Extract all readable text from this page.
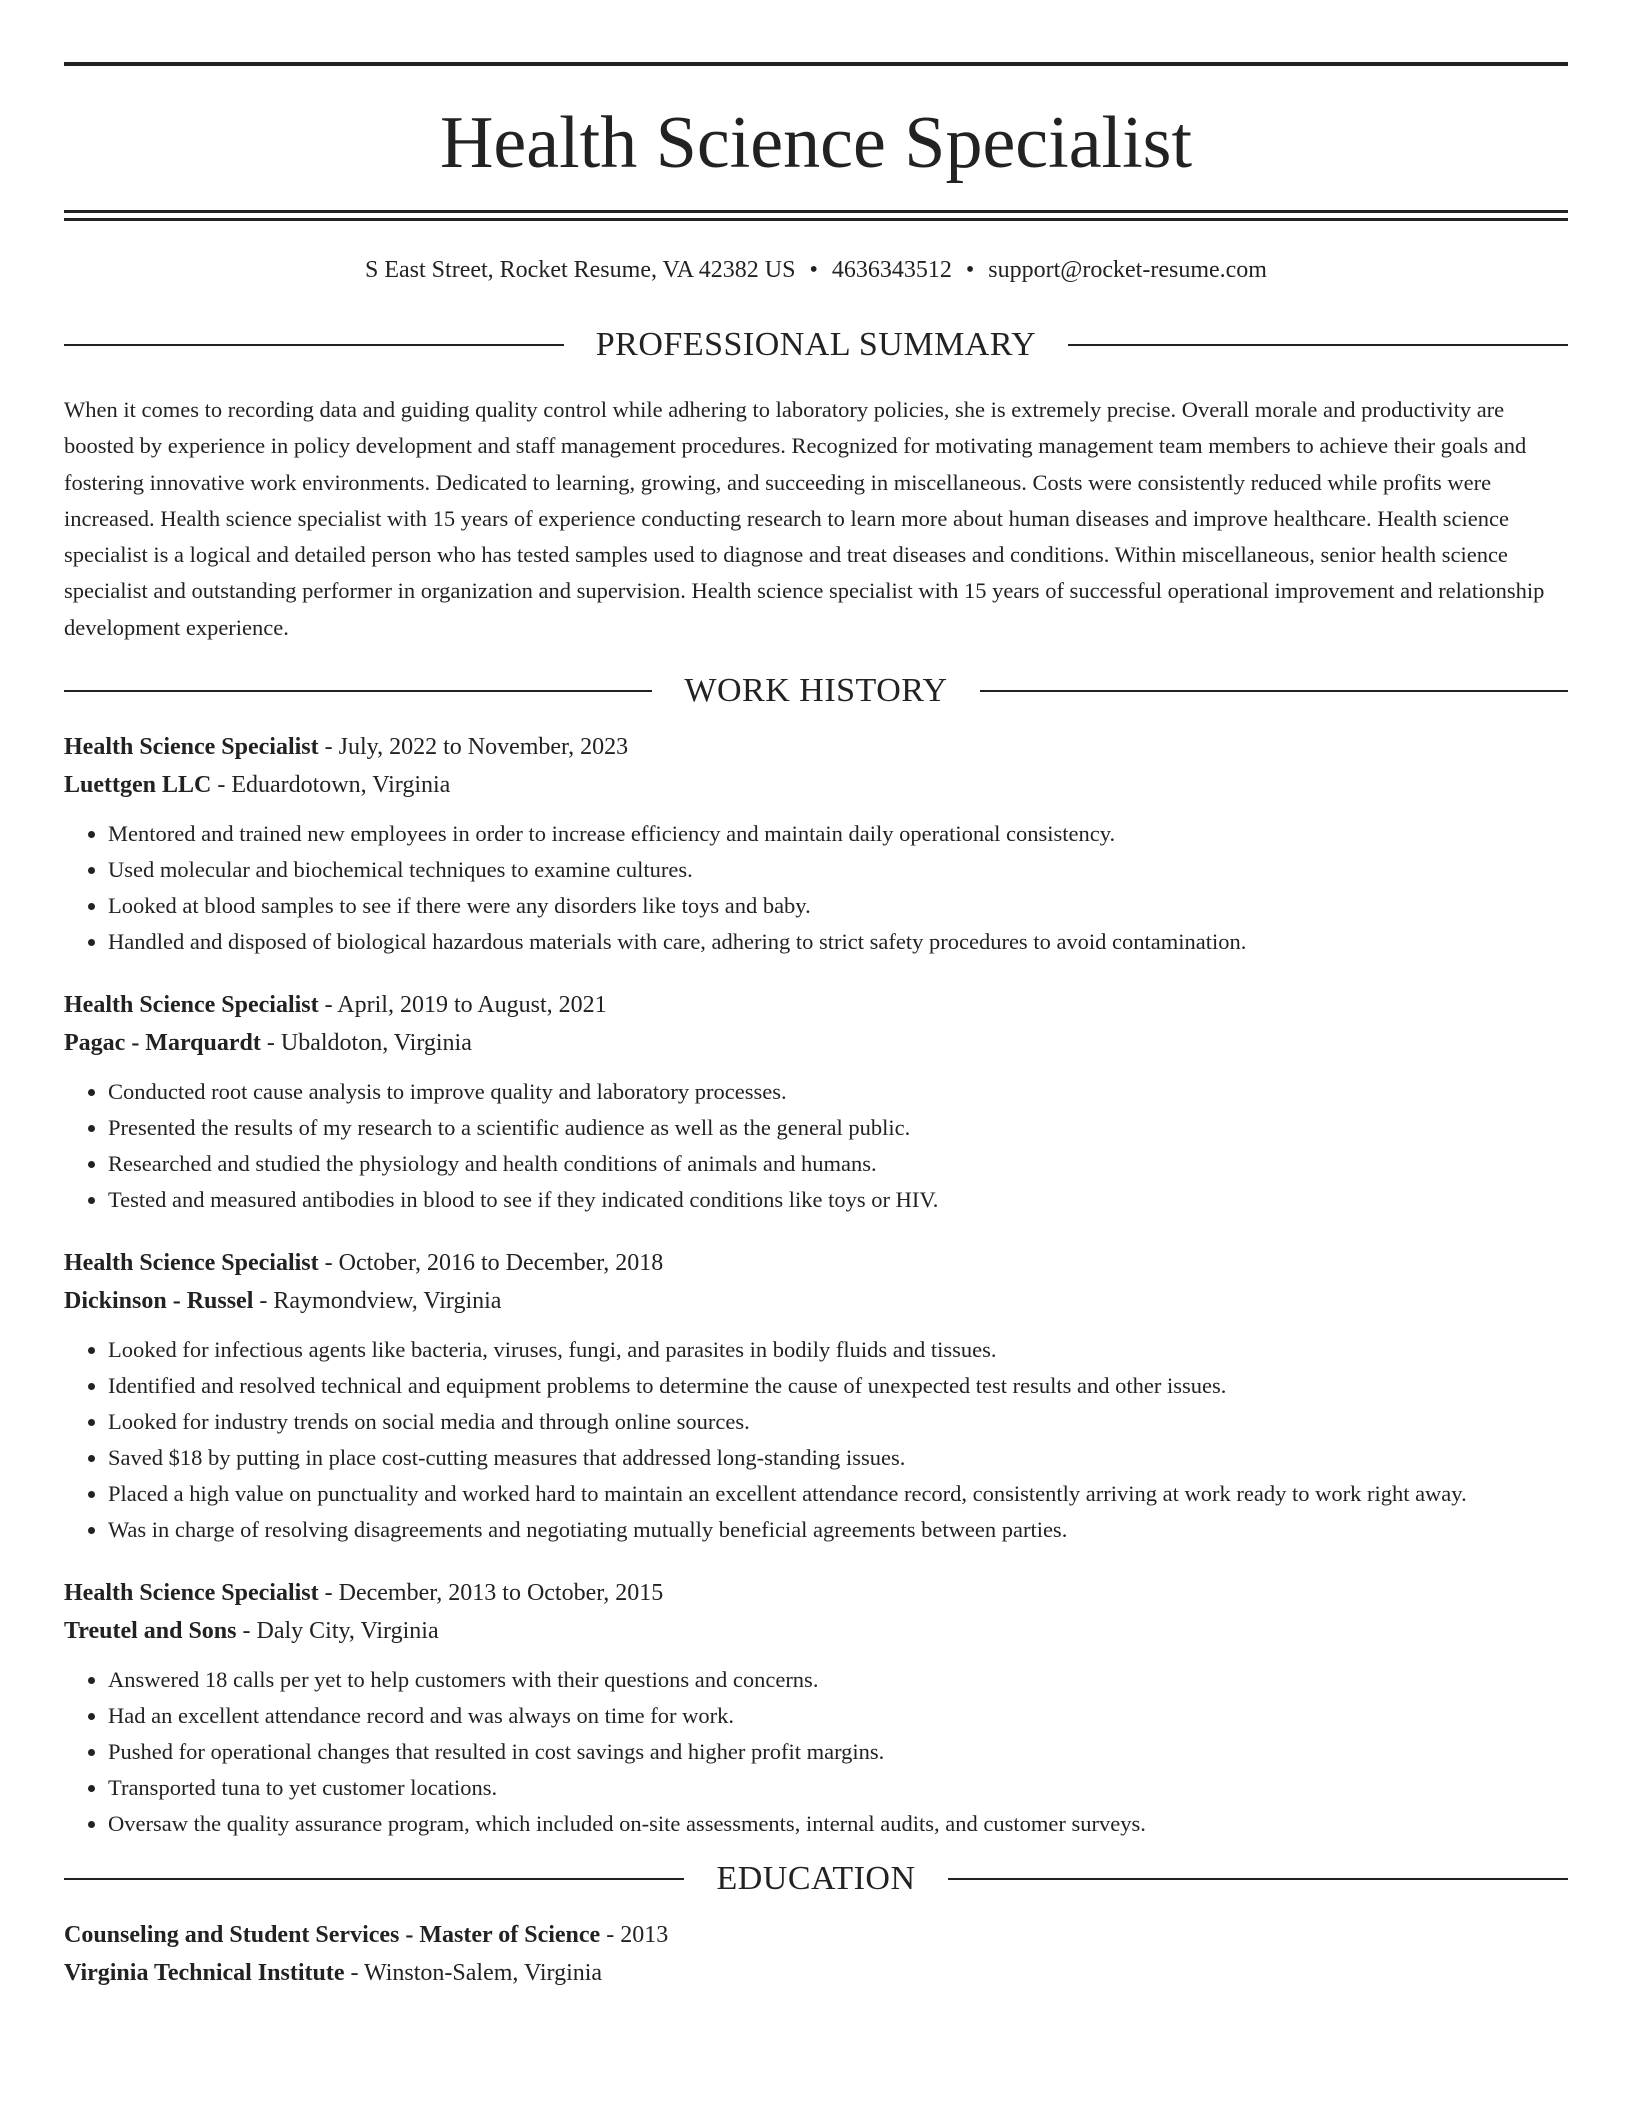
Health Science Specialist
S East Street, Rocket Resume, VA 42382 US • 4636343512 • support@rocket-resume.com
PROFESSIONAL SUMMARY
When it comes to recording data and guiding quality control while adhering to laboratory policies, she is extremely precise. Overall morale and productivity are boosted by experience in policy development and staff management procedures. Recognized for motivating management team members to achieve their goals and fostering innovative work environments. Dedicated to learning, growing, and succeeding in miscellaneous. Costs were consistently reduced while profits were increased. Health science specialist with 15 years of experience conducting research to learn more about human diseases and improve healthcare. Health science specialist is a logical and detailed person who has tested samples used to diagnose and treat diseases and conditions. Within miscellaneous, senior health science specialist and outstanding performer in organization and supervision. Health science specialist with 15 years of successful operational improvement and relationship development experience.
WORK HISTORY
Health Science Specialist - July, 2022 to November, 2023
Luettgen LLC - Eduardotown, Virginia
• Mentored and trained new employees in order to increase efficiency and maintain daily operational consistency.
• Used molecular and biochemical techniques to examine cultures.
• Looked at blood samples to see if there were any disorders like toys and baby.
• Handled and disposed of biological hazardous materials with care, adhering to strict safety procedures to avoid contamination.
Health Science Specialist - April, 2019 to August, 2021
Pagac - Marquardt - Ubaldoton, Virginia
• Conducted root cause analysis to improve quality and laboratory processes.
• Presented the results of my research to a scientific audience as well as the general public.
• Researched and studied the physiology and health conditions of animals and humans.
• Tested and measured antibodies in blood to see if they indicated conditions like toys or HIV.
Health Science Specialist - October, 2016 to December, 2018
Dickinson - Russel - Raymondview, Virginia
• Looked for infectious agents like bacteria, viruses, fungi, and parasites in bodily fluids and tissues.
• Identified and resolved technical and equipment problems to determine the cause of unexpected test results and other issues.
• Looked for industry trends on social media and through online sources.
• Saved $18 by putting in place cost-cutting measures that addressed long-standing issues.
• Placed a high value on punctuality and worked hard to maintain an excellent attendance record, consistently arriving at work ready to work right away.
• Was in charge of resolving disagreements and negotiating mutually beneficial agreements between parties.
Health Science Specialist - December, 2013 to October, 2015
Treutel and Sons - Daly City, Virginia
• Answered 18 calls per yet to help customers with their questions and concerns.
• Had an excellent attendance record and was always on time for work.
• Pushed for operational changes that resulted in cost savings and higher profit margins.
• Transported tuna to yet customer locations.
• Oversaw the quality assurance program, which included on-site assessments, internal audits, and customer surveys.
EDUCATION
Counseling and Student Services - Master of Science - 2013
Virginia Technical Institute - Winston-Salem, Virginia
